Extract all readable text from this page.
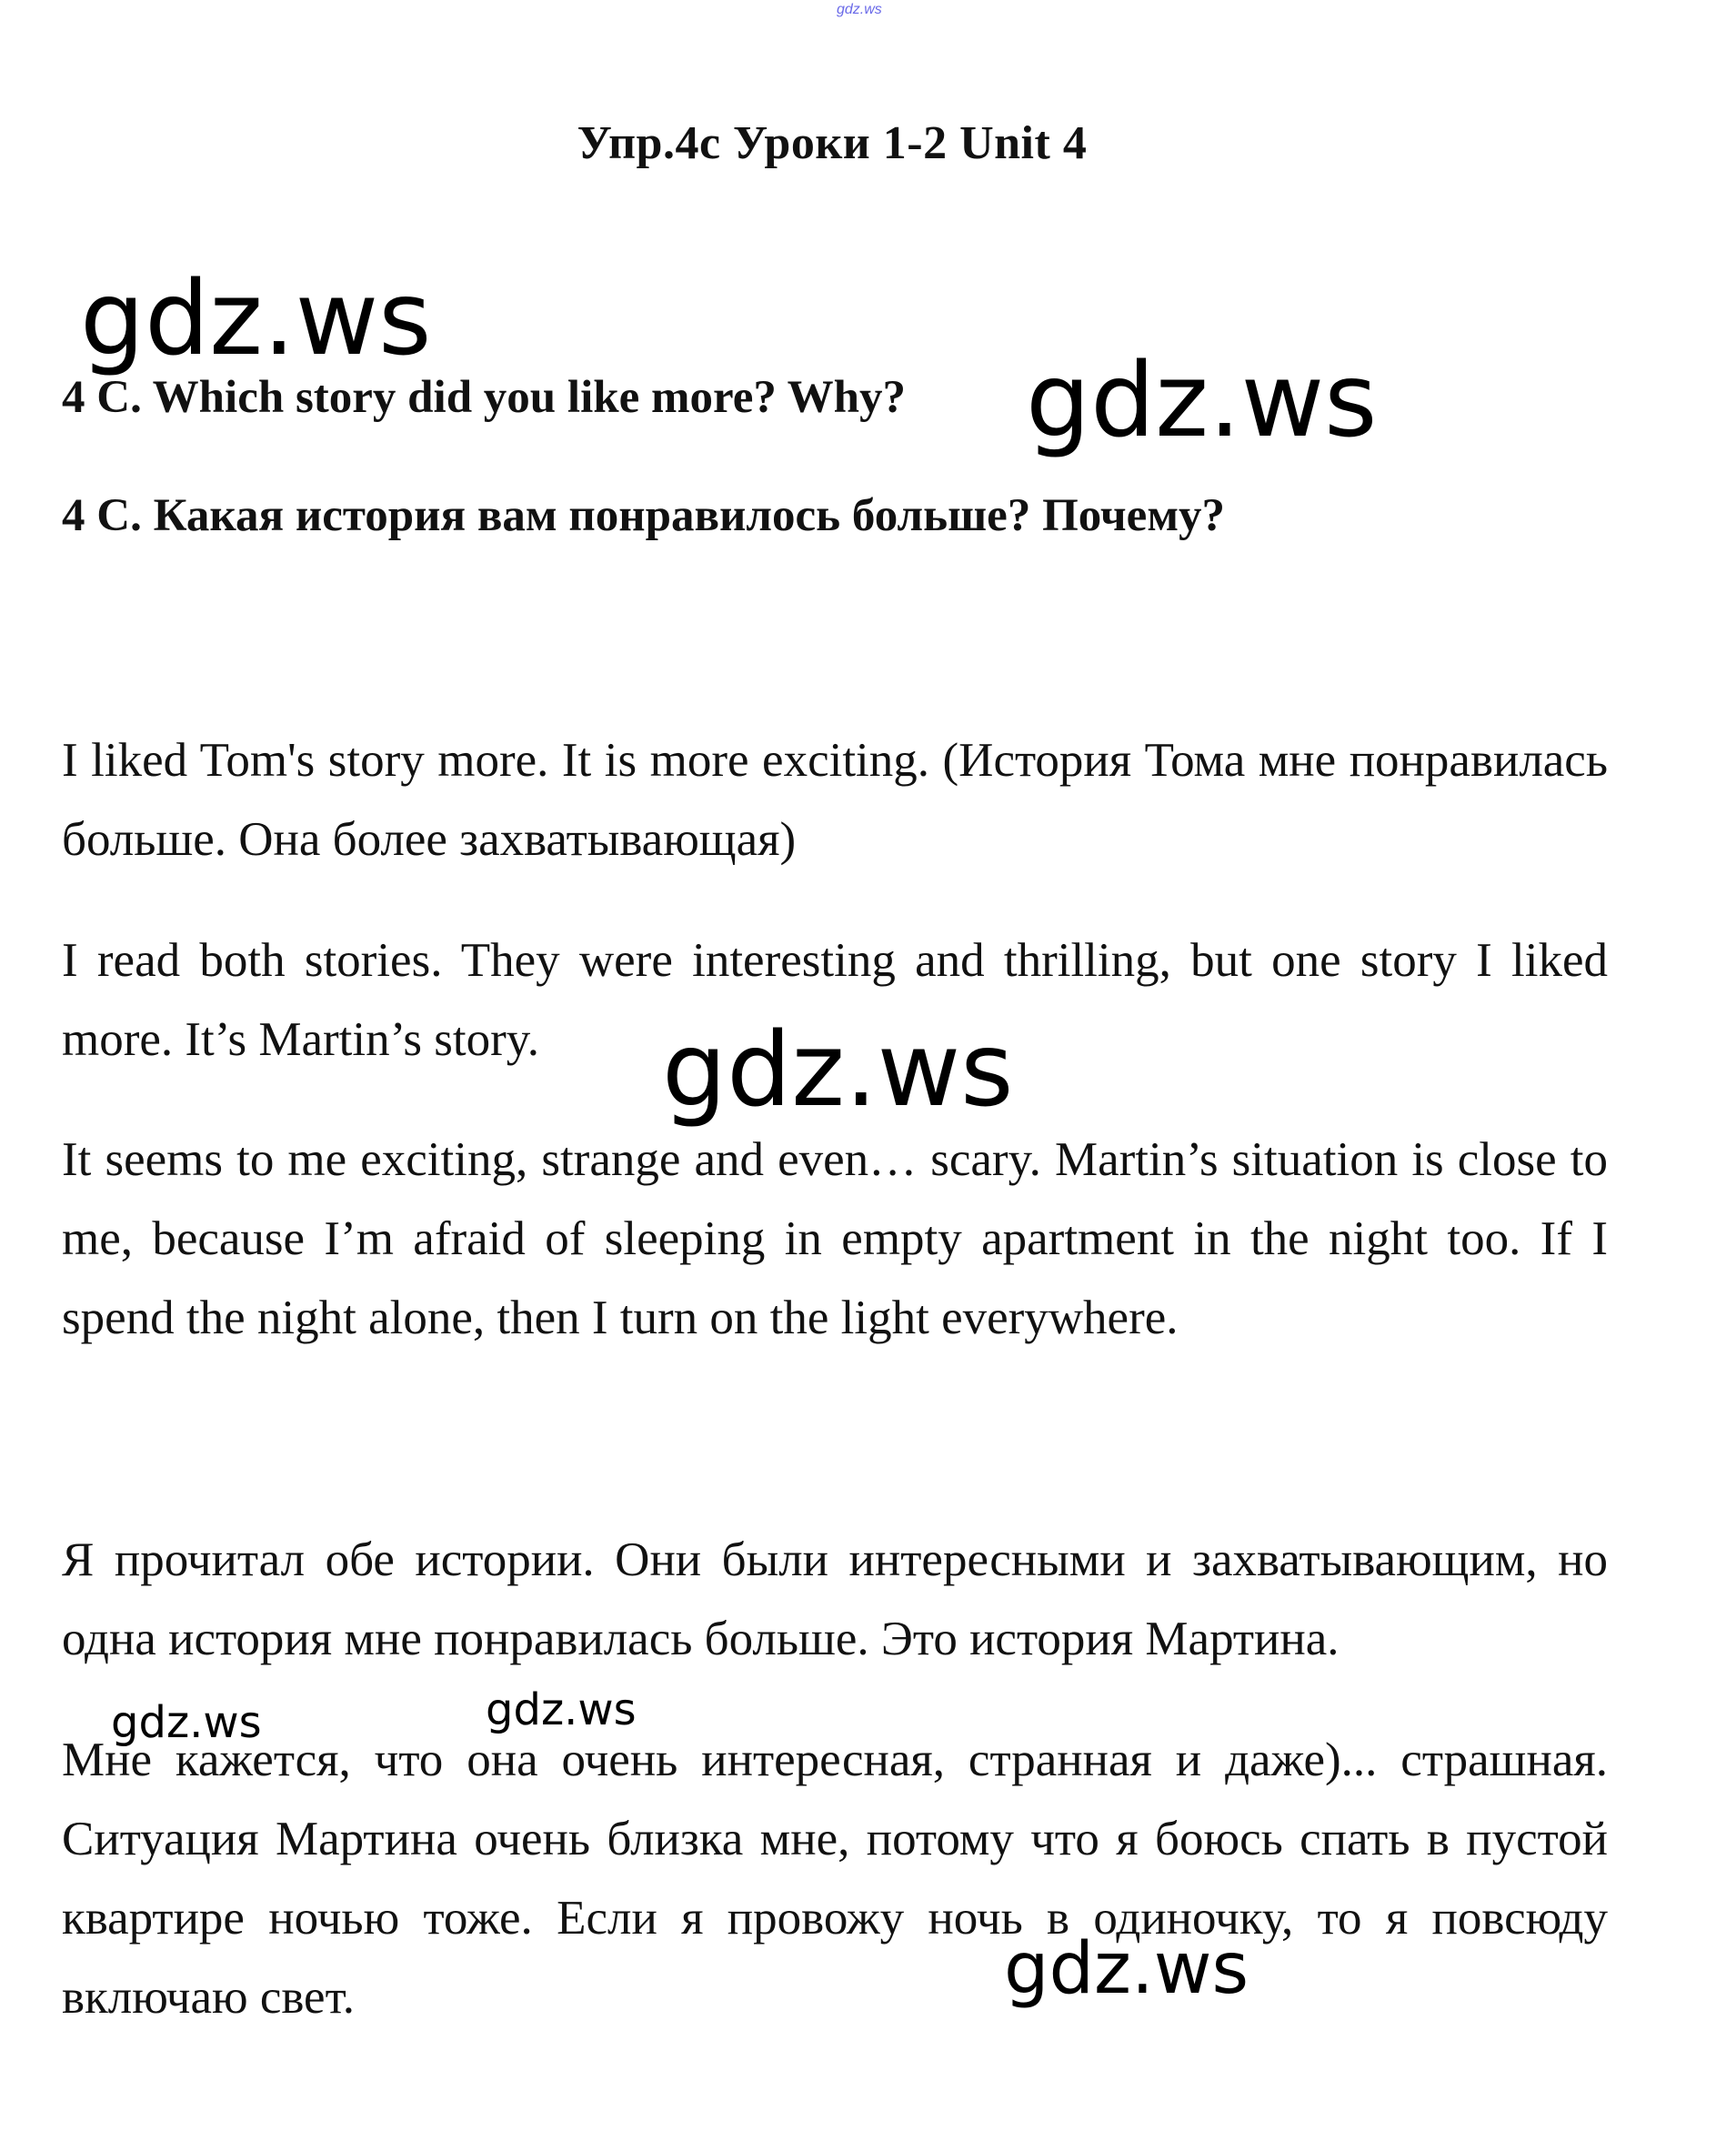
gdz.ws
Упр.4c Уроки 1-2 Unit 4
4 C. Which story did you like more? Why?
4 C. Какая история вам понравилось больше? Почему?

I liked Tom's story more. It is more exciting. (История Тома мне понравилась больше. Она более захватывающая)

I read both stories. They were interesting and thrilling, but one story I liked more. It’s Martin’s story.

It seems to me exciting, strange and even… scary. Martin’s situation is close to me, because I’m afraid of sleeping in empty apartment in the night too. If I spend the night alone, then I turn on the light everywhere.

Я прочитал обе истории. Они были интересными и захватывающим, но одна история мне понравилась больше. Это история Мартина.

Мне кажется, что она очень интересная, странная и даже)... страшная. Ситуация Мартина очень близка мне, потому что я боюсь спать в пустой квартире ночью тоже. Если я провожу ночь в одиночку, то я повсюду включаю свет.

gdz.ws
gdz.ws
gdz.ws
gdz.ws	gdz.ws
gdz.ws
